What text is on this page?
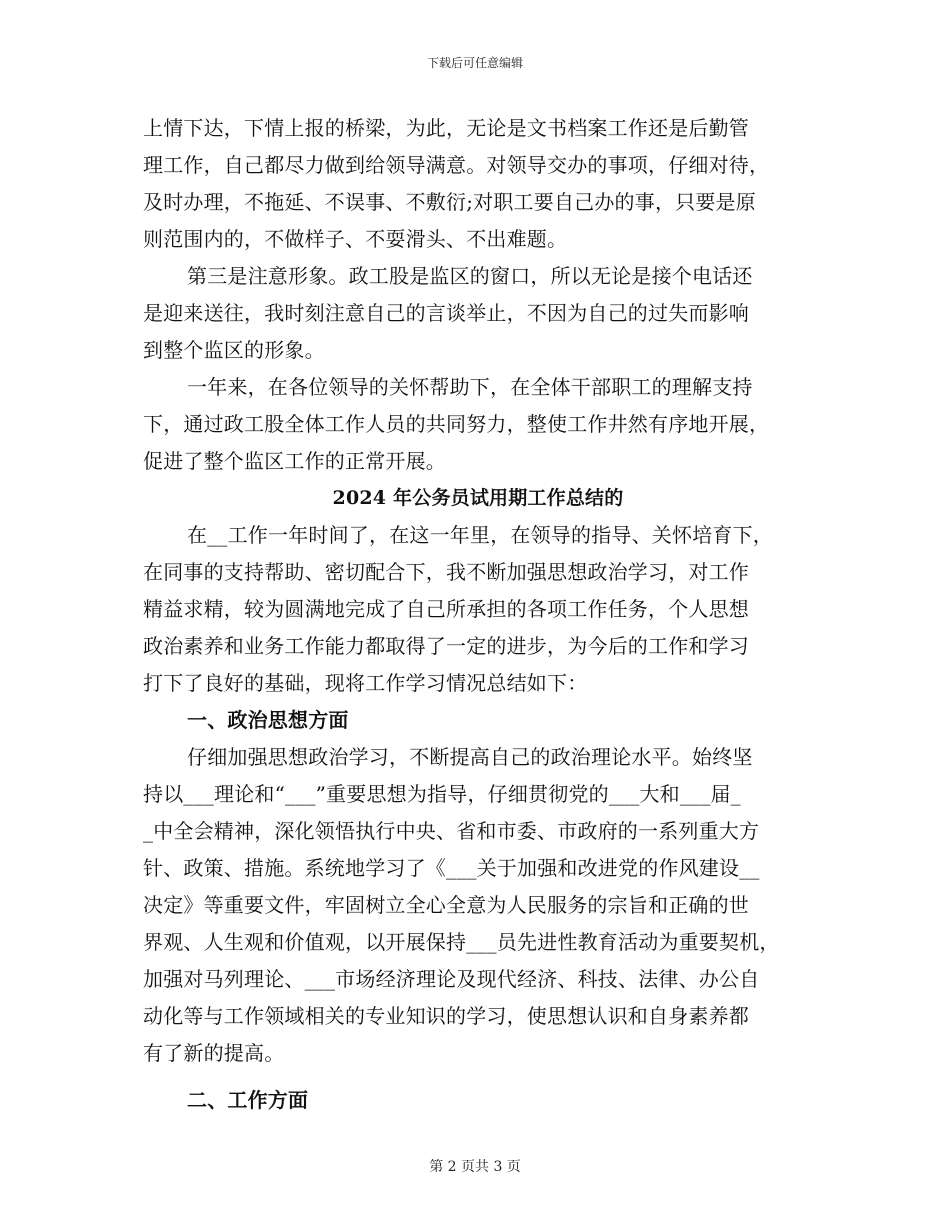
下载后可任意编辑
上情下达，下情上报的桥梁，为此，无论是文书档案工作还是后勤管
理工作，自己都尽力做到给领导满意。对领导交办的事项，仔细对待，
及时办理，不拖延、不误事、不敷衍;对职工要自己办的事，只要是原
则范围内的，不做样子、不耍滑头、不出难题。
第三是注意形象。政工股是监区的窗口，所以无论是接个电话还
是迎来送往，我时刻注意自己的言谈举止，不因为自己的过失而影响
到整个监区的形象。
一年来，在各位领导的关怀帮助下，在全体干部职工的理解支持
下，通过政工股全体工作人员的共同努力，整使工作井然有序地开展，
促进了整个监区工作的正常开展。
2024 年公务员试用期工作总结的
在__工作一年时间了，在这一年里，在领导的指导、关怀培育下，
在同事的支持帮助、密切配合下，我不断加强思想政治学习，对工作
精益求精，较为圆满地完成了自己所承担的各项工作任务，个人思想
政治素养和业务工作能力都取得了一定的进步，为今后的工作和学习
打下了良好的基础，现将工作学习情况总结如下：
一、政治思想方面
仔细加强思想政治学习，不断提高自己的政治理论水平。始终坚
持以___理论和“___”重要思想为指导，仔细贯彻党的___大和___届_
_中全会精神，深化领悟执行中央、省和市委、市政府的一系列重大方
针、政策、措施。系统地学习了《___关于加强和改进党的作风建设__
决定》等重要文件，牢固树立全心全意为人民服务的宗旨和正确的世
界观、人生观和价值观，以开展保持___员先进性教育活动为重要契机，
加强对马列理论、___市场经济理论及现代经济、科技、法律、办公自
动化等与工作领域相关的专业知识的学习，使思想认识和自身素养都
有了新的提高。
二、工作方面
第 2 页共 3 页
